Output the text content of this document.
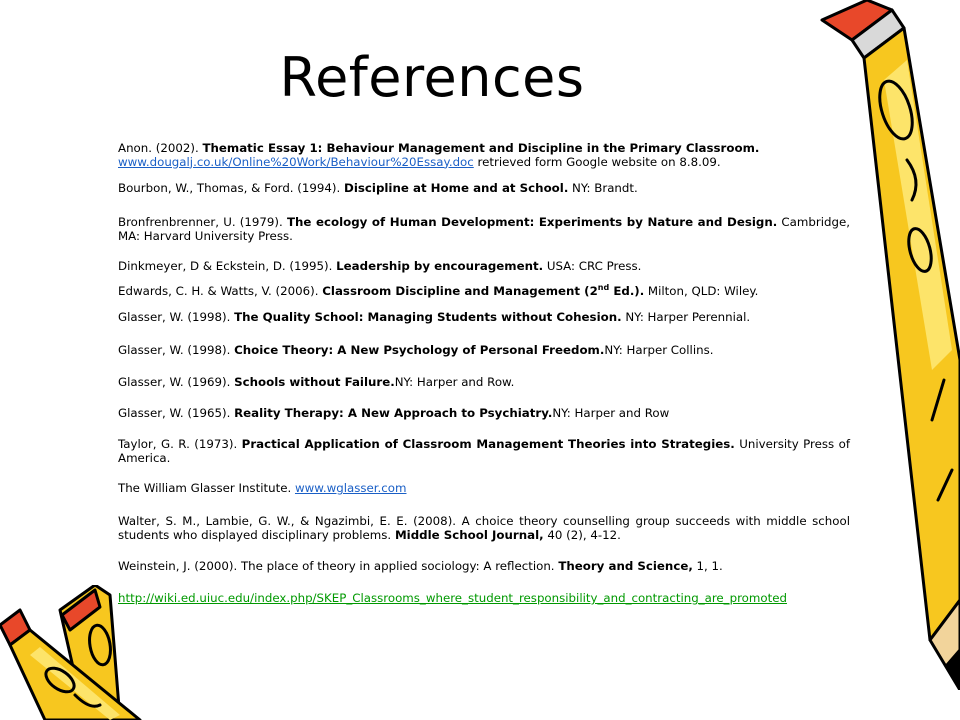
References
Anon. (2002). Thematic Essay 1: Behaviour Management and Discipline in the Primary Classroom.
www.dougalj.co.uk/Online%20Work/Behaviour%20Essay.doc retrieved form Google website on 8.8.09.
Bourbon, W., Thomas, & Ford. (1994). Discipline at Home and at School. NY: Brandt.
Bronfrenbrenner, U. (1979). The ecology of Human Development: Experiments by Nature and Design. Cambridge, MA: Harvard University Press.
Dinkmeyer, D & Eckstein, D. (1995). Leadership by encouragement. USA: CRC Press.
Edwards, C. H. & Watts, V. (2006). Classroom Discipline and Management (2nd Ed.). Milton, QLD: Wiley.
Glasser, W. (1998). The Quality School: Managing Students without Cohesion. NY: Harper Perennial.
Glasser, W. (1998). Choice Theory: A New Psychology of Personal Freedom.NY: Harper Collins.
Glasser, W. (1969). Schools without Failure.NY: Harper and Row.
Glasser, W. (1965). Reality Therapy: A New Approach to Psychiatry.NY: Harper and Row
Taylor, G. R. (1973). Practical Application of Classroom Management Theories into Strategies. University Press of America.
The William Glasser Institute. www.wglasser.com
Walter, S. M., Lambie, G. W., & Ngazimbi, E. E. (2008). A choice theory counselling group succeeds with middle school students who displayed disciplinary problems. Middle School Journal, 40 (2), 4-12.
Weinstein, J. (2000). The place of theory in applied sociology: A reflection. Theory and Science, 1, 1.
http://wiki.ed.uiuc.edu/index.php/SKEP_Classrooms_where_student_responsibility_and_contracting_are_promoted
